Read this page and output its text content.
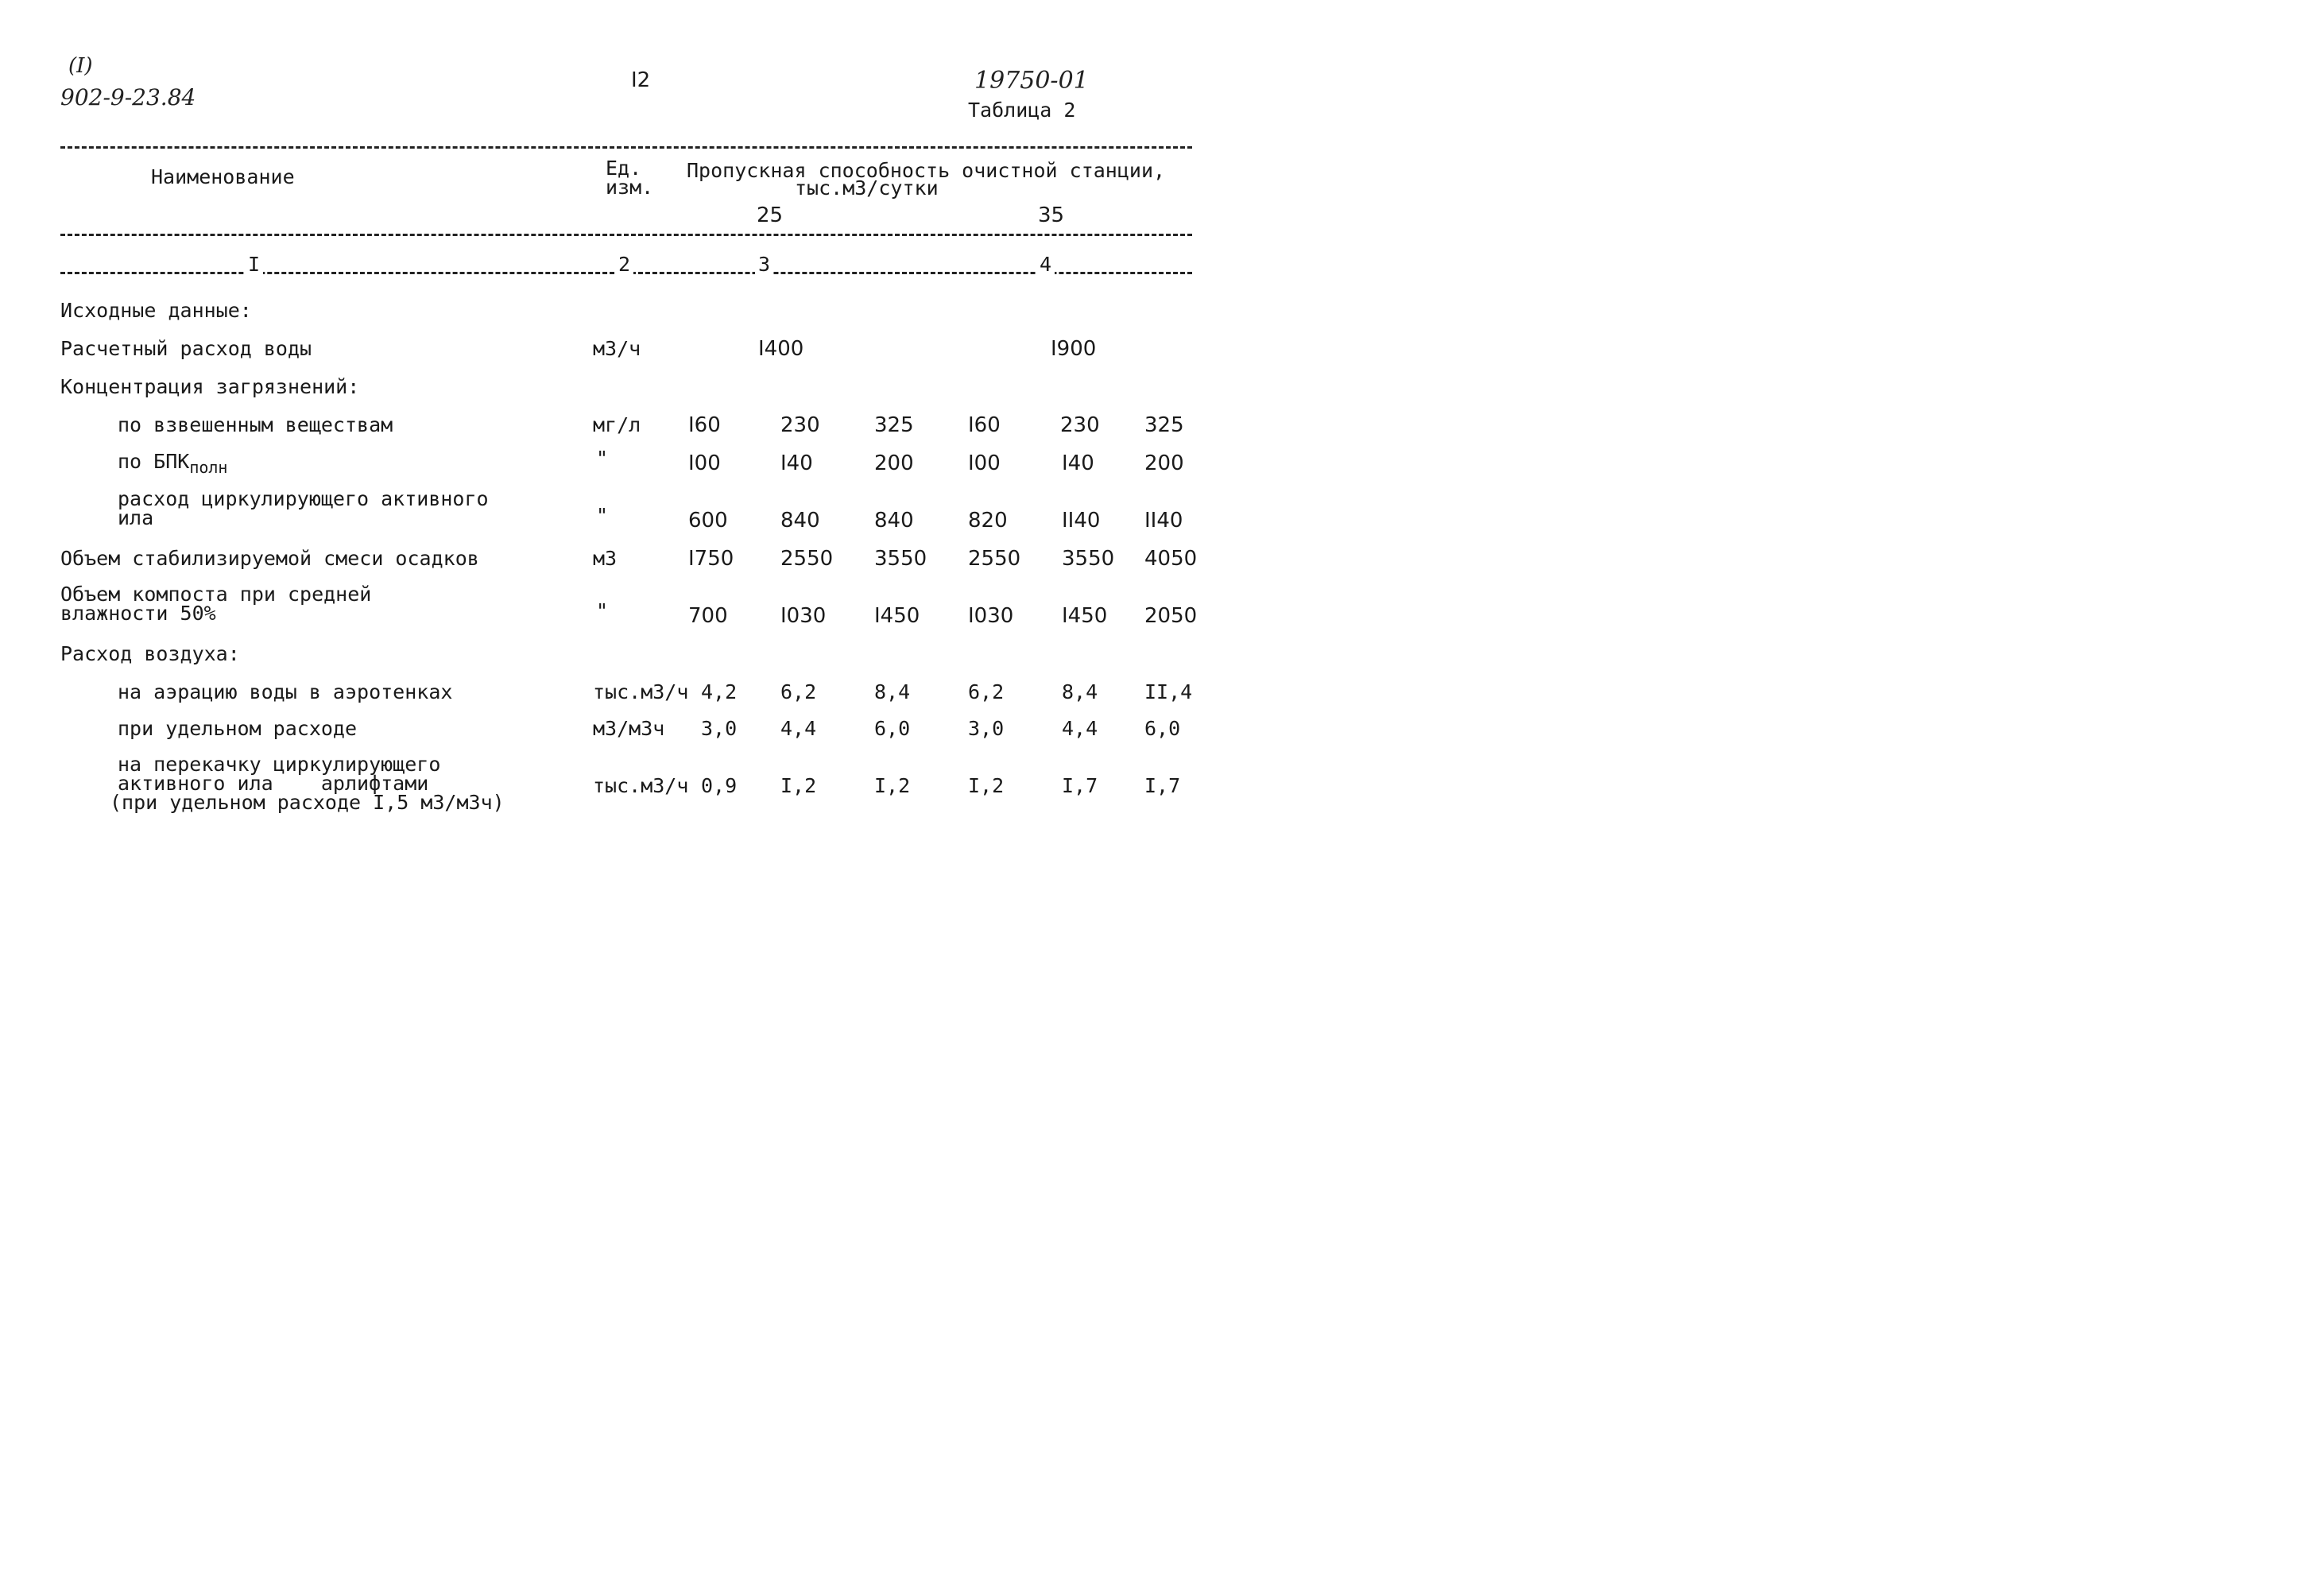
(I)
902-9-23.84
I2	19750-01
Таблица 2
Наименование	Ед.
изм.
Пропускная способность очистной станции,
тыс.м3/сутки
25	35
I	2	3	4
Исходные данные:
Расчетный расход воды	м3/ч	I400	I900
Концентрация загрязнений:
по взвешенным веществам	мг/л I60	230	325	I60	230 325
по $БПК_{полн}$	"	I00	I40	200	I00	I40 200
расход циркулирующего активного
ила	"	600	840	840	820	II40 II40
Объем стабилизируемой смеси осадков	м3	I750 2550 3550 2550 3550 4050
Объем компоста при средней
влажности 50%	"	700	I030 I450 I030 I450 2050
Расход воздуха:
на аэрацию воды в аэротенках	тыс.м3/ч 4,2 6,2	8,4	6,2	8,4 II,4
при удельном расходе	м3/м3ч 3,0 4,4	6,0	3,0	4,4 6,0
на перекачку циркулирующего
активного ила    арлифтами
(при удельном расходе I,5 м3/м3ч)
тыс.м3/ч 0,9 I,2	I,2	I,2	I,7 I,7
